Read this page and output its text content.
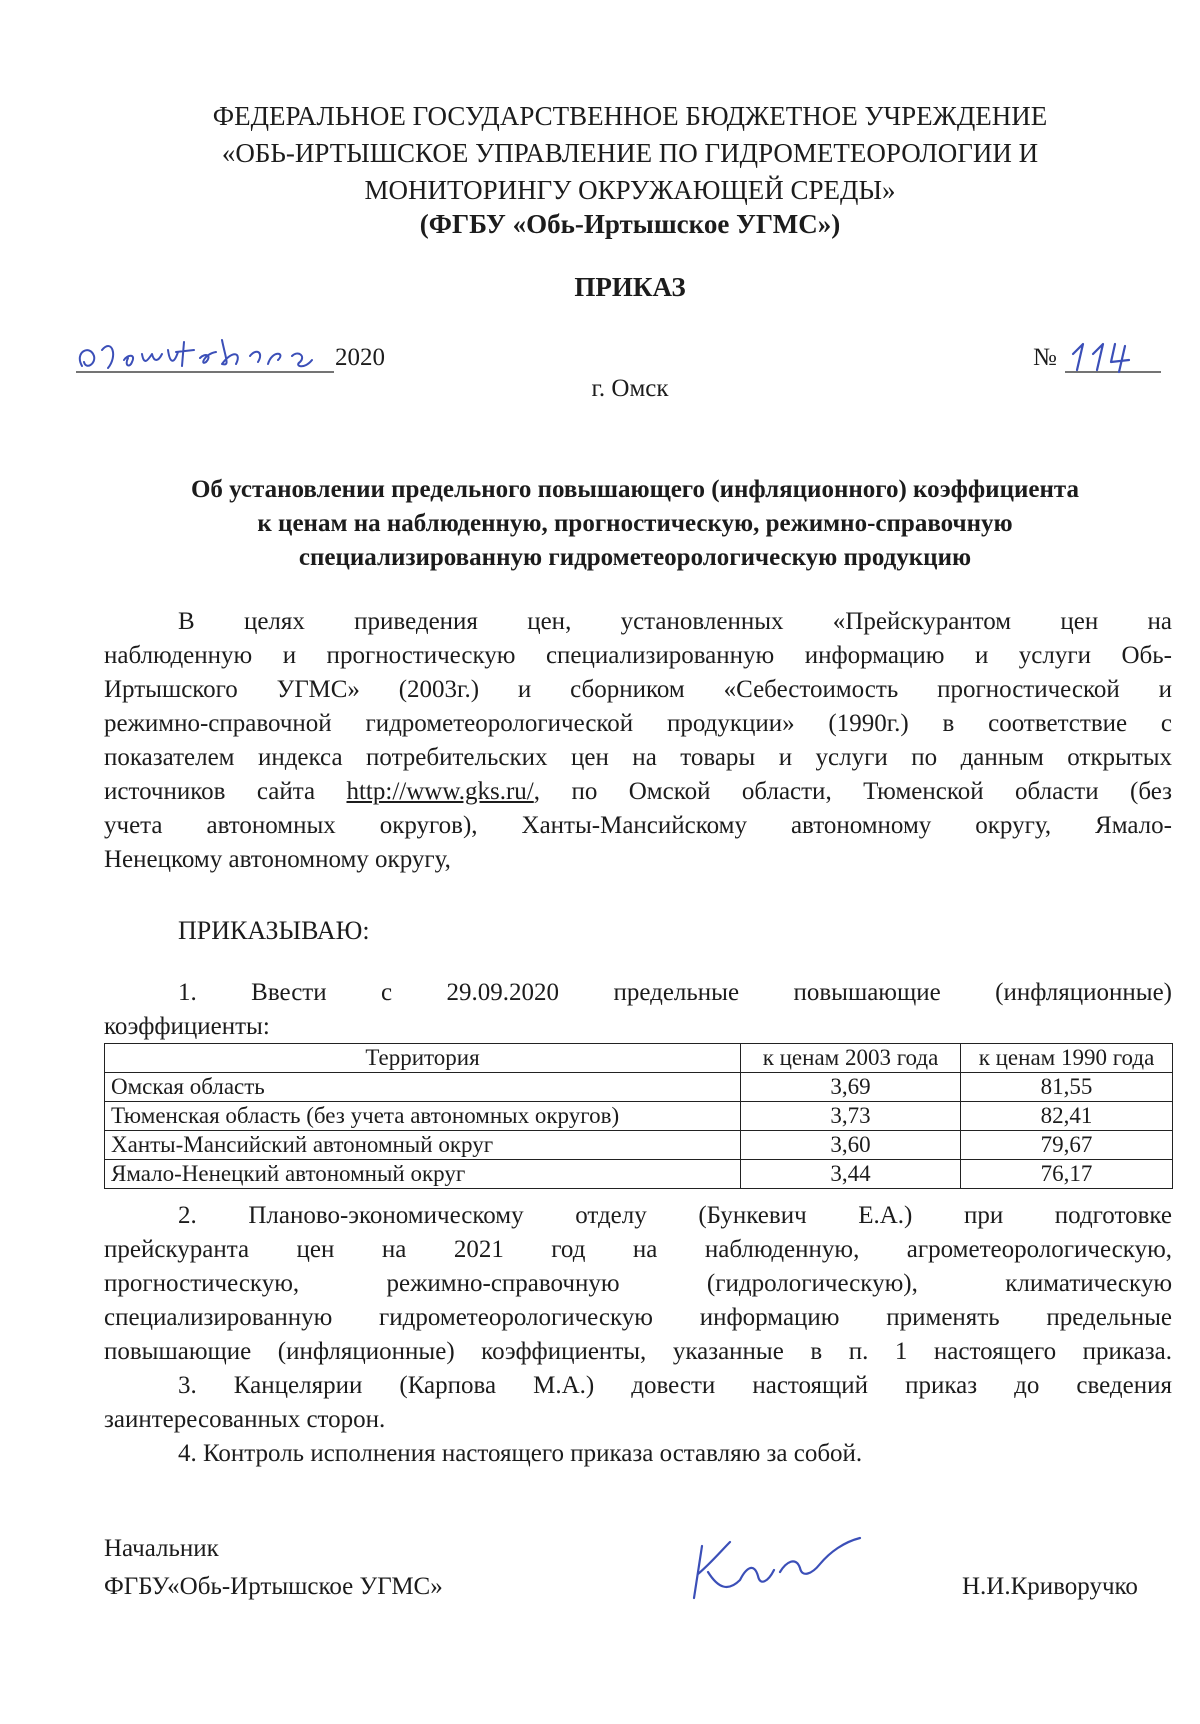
ФЕДЕРАЛЬНОЕ ГОСУДАРСТВЕННОЕ БЮДЖЕТНОЕ УЧРЕЖДЕНИЕ
«ОБЬ-ИРТЫШСКОЕ УПРАВЛЕНИЕ ПО ГИДРОМЕТЕОРОЛОГИИ И
МОНИТОРИНГУ ОКРУЖАЮЩЕЙ СРЕДЫ»
(ФГБУ «Обь-Иртышское УГМС»)
ПРИКАЗ
2020	№
г. Омск
Об установлении предельного повышающего (инфляционного) коэффициента
к ценам на наблюденную, прогностическую, режимно-справочную
специализированную гидрометеорологическую продукцию
В целях приведения цен, установленных «Прейскурантом цен на
наблюденную и прогностическую специализированную информацию и услуги Обь-
Иртышского УГМС» (2003г.) и сборником «Себестоимость прогностической и
режимно-справочной гидрометеорологической продукции» (1990г.) в соответствие с
показателем индекса потребительских цен на товары и услуги по данным открытых
источников сайта http://www.gks.ru/, по Омской области, Тюменской области (без
учета автономных округов), Ханты-Мансийскому автономному округу, Ямало-
Ненецкому автономному округу,
ПРИКАЗЫВАЮ:
1. Ввести с 29.09.2020 предельные повышающие (инфляционные)
коэффициенты:
Территория	к ценам 2003 года	к ценам 1990 года
Омская область	3,69	81,55
Тюменская область (без учета автономных округов)	3,73	82,41
Ханты-Мансийский автономный округ	3,60	79,67
Ямало-Ненецкий автономный округ	3,44	76,17
2. Планово-экономическому отделу (Бункевич Е.А.) при подготовке
прейскуранта цен на 2021 год на наблюденную, агрометеорологическую,
прогностическую, режимно-справочную (гидрологическую), климатическую
специализированную гидрометеорологическую информацию применять предельные
повышающие (инфляционные) коэффициенты, указанные в п. 1 настоящего приказа.
3. Канцелярии (Карпова М.А.) довести настоящий приказ до сведения
заинтересованных сторон.
4. Контроль исполнения настоящего приказа оставляю за собой.
Начальник
ФГБУ«Обь-Иртышское УГМС»	Н.И.Криворучко
